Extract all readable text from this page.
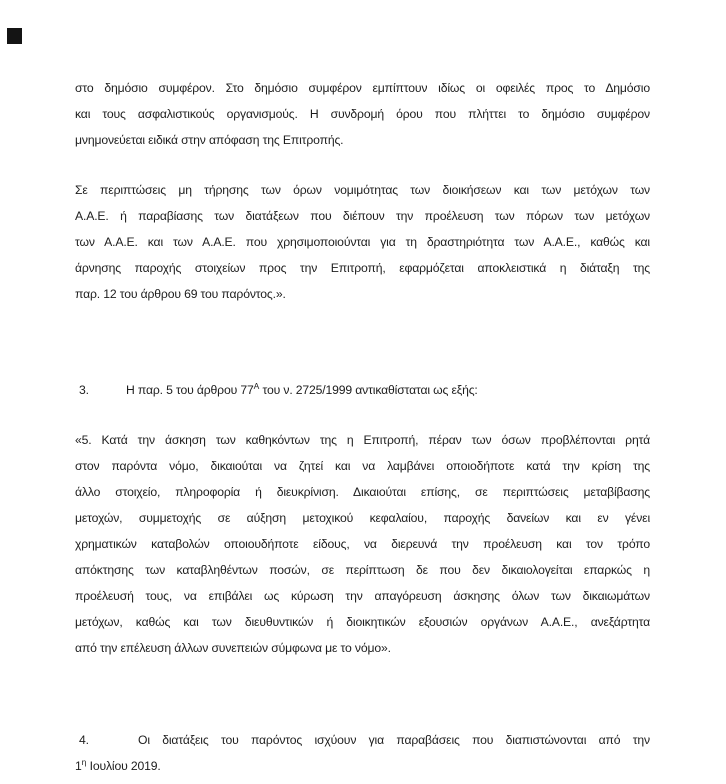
στο δημόσιο συμφέρον. Στο δημόσιο συμφέρον εμπίπτουν ιδίως οι οφειλές προς το Δημόσιο
και τους ασφαλιστικούς οργανισμούς. Η συνδρομή όρου που πλήττει το δημόσιο συμφέρον
μνημονεύεται ειδικά στην απόφαση της Επιτροπής.
Σε περιπτώσεις μη τήρησης των όρων νομιμότητας των διοικήσεων και των μετόχων των
Α.Α.Ε. ή παραβίασης των διατάξεων που διέπουν την προέλευση των πόρων των μετόχων
των Α.Α.Ε. και των Α.Α.Ε. που χρησιμοποιούνται για τη δραστηριότητα των Α.Α.Ε., καθώς και
άρνησης παροχής στοιχείων προς την Επιτροπή, εφαρμόζεται αποκλειστικά η διάταξη της
παρ. 12 του άρθρου 69 του παρόντος.».
3.	Η παρ. 5 του άρθρου $77^A$ του ν. 2725/1999 αντικαθίσταται ως εξής:
«5. Κατά την άσκηση των καθηκόντων της η Επιτροπή, πέραν των όσων προβλέπονται ρητά
στον παρόντα νόμο, δικαιούται να ζητεί και να λαμβάνει οποιοδήποτε κατά την κρίση της
άλλο στοιχείο, πληροφορία ή διευκρίνιση. Δικαιούται επίσης, σε περιπτώσεις μεταβίβασης
μετοχών, συμμετοχής σε αύξηση μετοχικού κεφαλαίου, παροχής δανείων και εν γένει
χρηματικών καταβολών οποιουδήποτε είδους, να διερευνά την προέλευση και τον τρόπο
απόκτησης των καταβληθέντων ποσών, σε περίπτωση δε που δεν δικαιολογείται επαρκώς η
προέλευσή τους, να επιβάλει ως κύρωση την απαγόρευση άσκησης όλων των δικαιωμάτων
μετόχων, καθώς και των διευθυντικών ή διοικητικών εξουσιών οργάνων Α.Α.Ε., ανεξάρτητα
από την επέλευση άλλων συνεπειών σύμφωνα με το νόμο».
4.	Οι διατάξεις του παρόντος ισχύουν για παραβάσεις που διαπιστώνονται από την
$1^\eta$ Ιουλίου 2019.
